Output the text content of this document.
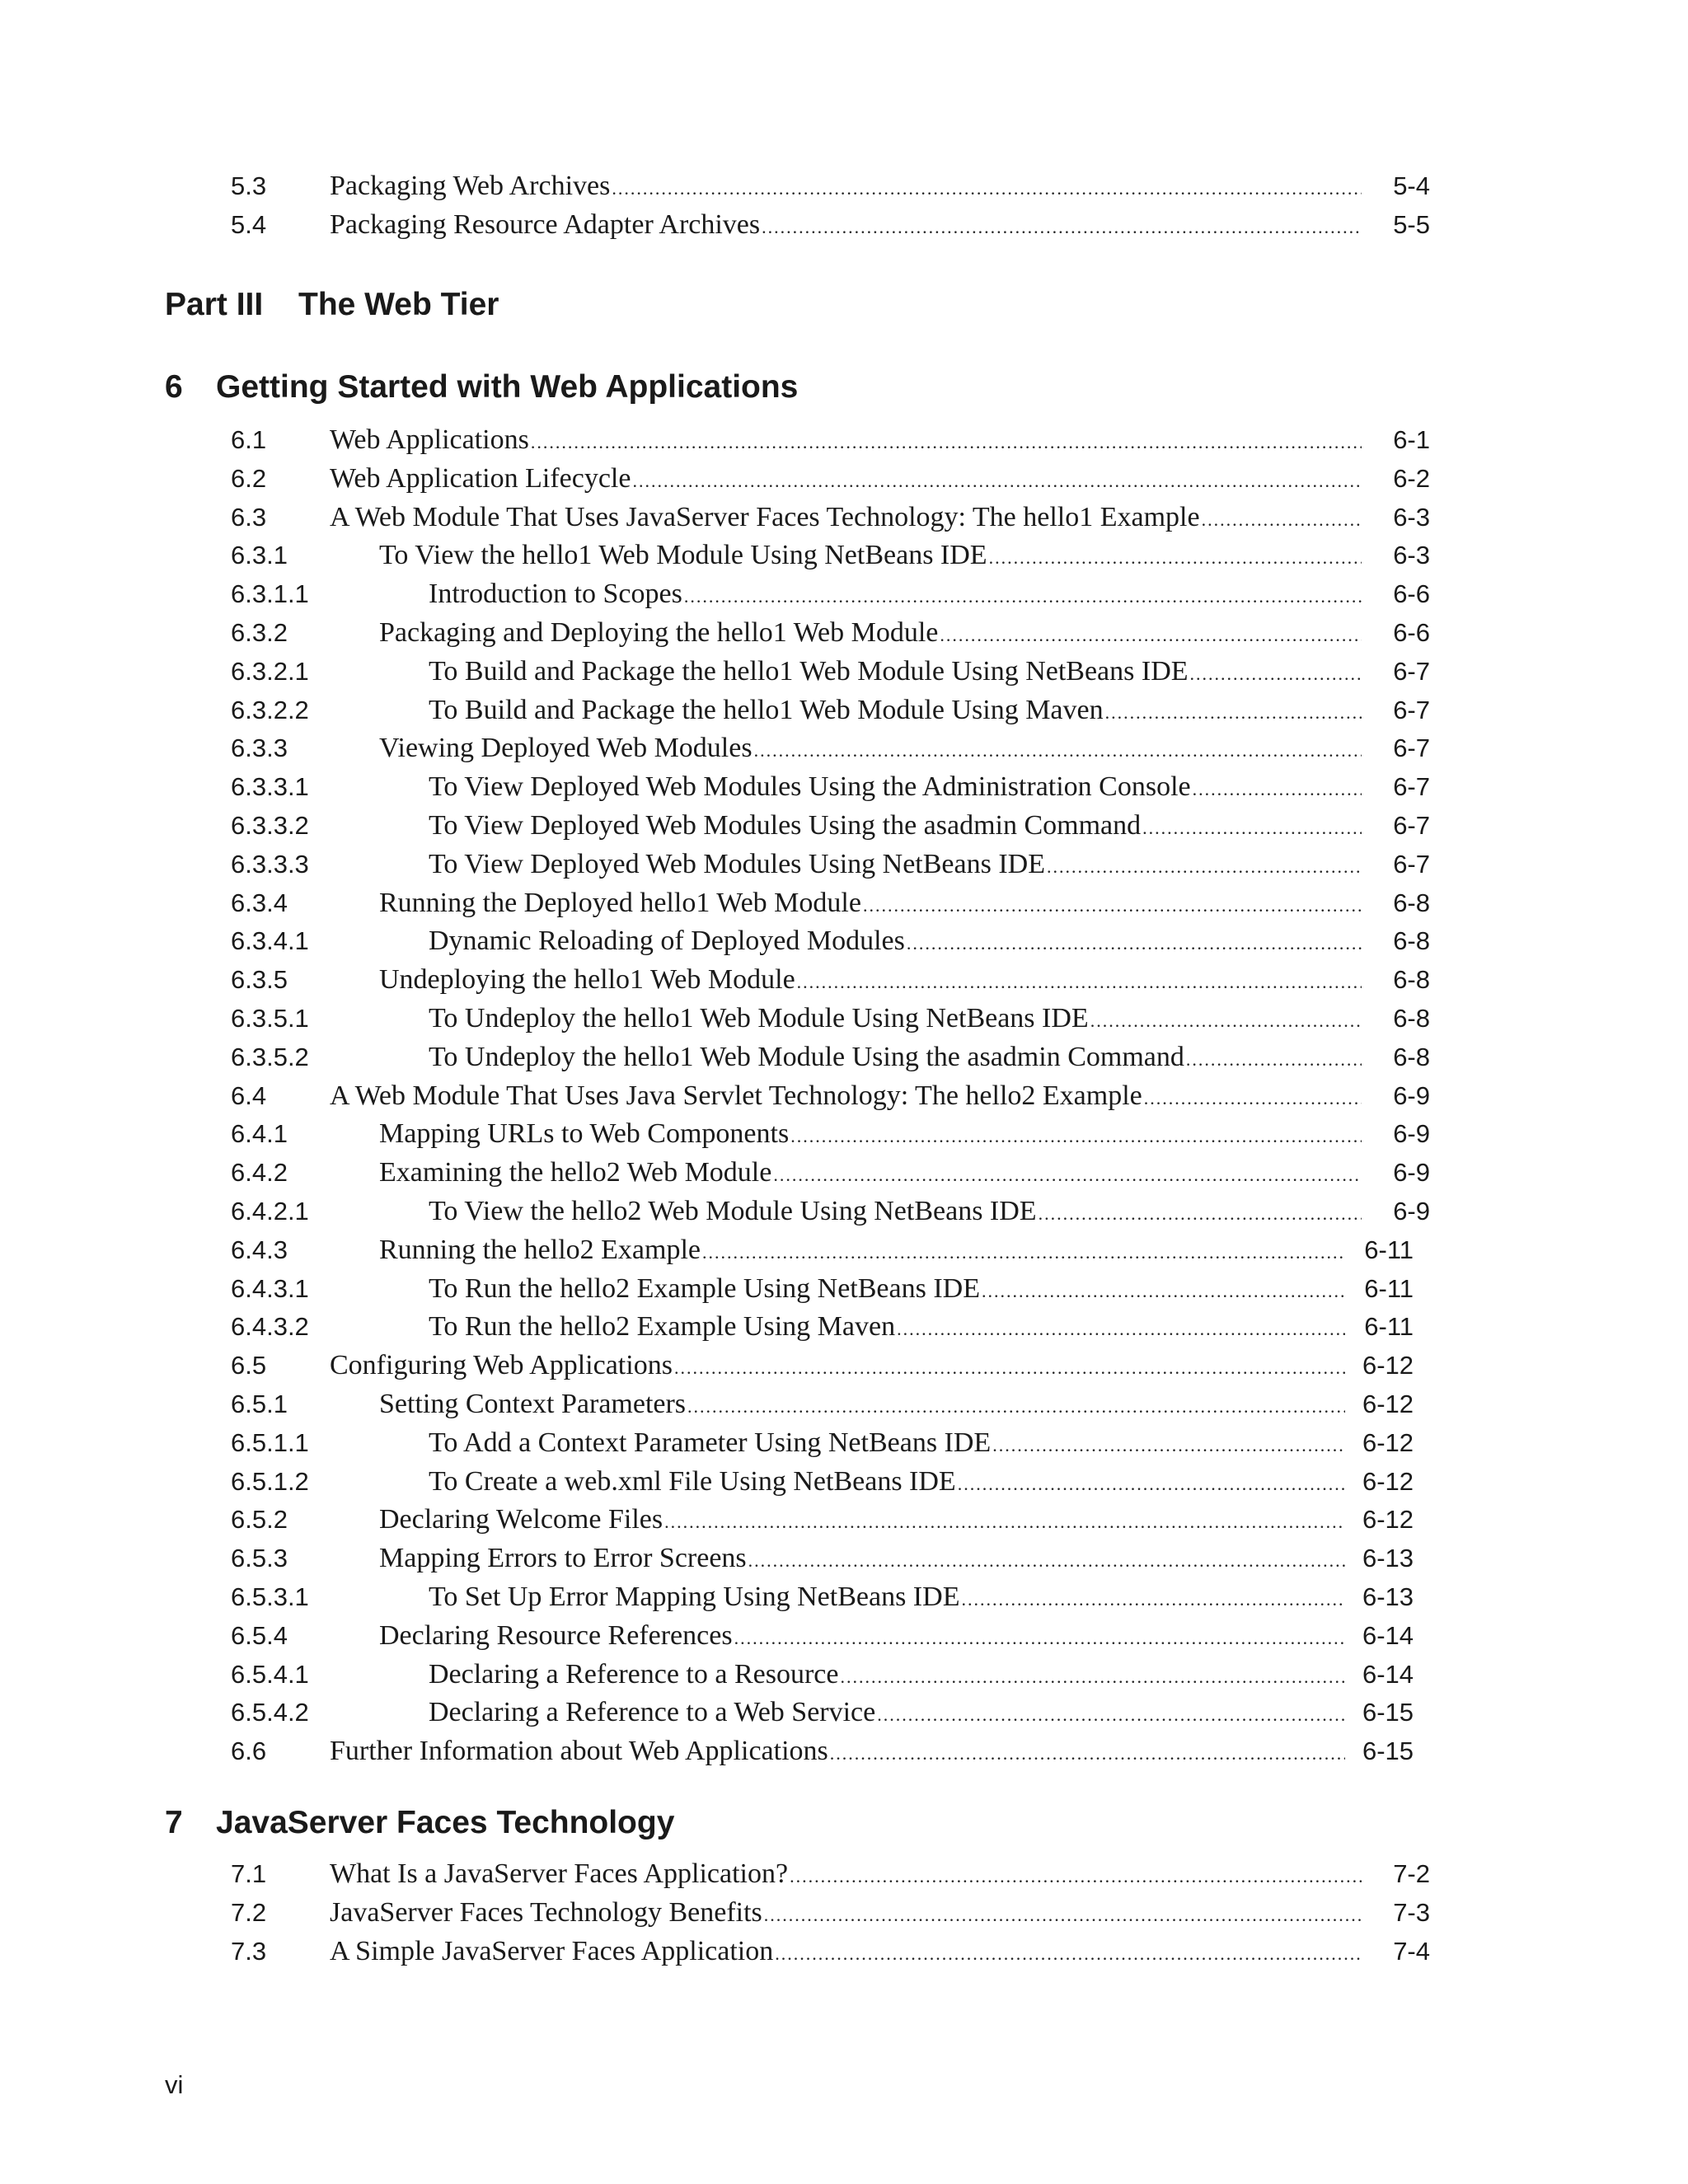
5.3	Packaging Web Archives .....	5-4
5.4	Packaging Resource Adapter Archives .....	5-5
Part III The Web Tier
6 Getting Started with Web Applications
6.1	Web Applications .....	6-1
6.2	Web Application Lifecycle .....	6-2
6.3	A Web Module That Uses JavaServer Faces Technology: The hello1 Example .....	6-3
6.3.1	To View the hello1 Web Module Using NetBeans IDE .....	6-3
6.3.1.1	Introduction to Scopes .....	6-6
6.3.2	Packaging and Deploying the hello1 Web Module .....	6-6
6.3.2.1	To Build and Package the hello1 Web Module Using NetBeans IDE .....	6-7
6.3.2.2	To Build and Package the hello1 Web Module Using Maven .....	6-7
6.3.3	Viewing Deployed Web Modules .....	6-7
6.3.3.1	To View Deployed Web Modules Using the Administration Console .....	6-7
6.3.3.2	To View Deployed Web Modules Using the asadmin Command .....	6-7
6.3.3.3	To View Deployed Web Modules Using NetBeans IDE .....	6-7
6.3.4	Running the Deployed hello1 Web Module .....	6-8
6.3.4.1	Dynamic Reloading of Deployed Modules .....	6-8
6.3.5	Undeploying the hello1 Web Module .....	6-8
6.3.5.1	To Undeploy the hello1 Web Module Using NetBeans IDE .....	6-8
6.3.5.2	To Undeploy the hello1 Web Module Using the asadmin Command .....	6-8
6.4	A Web Module That Uses Java Servlet Technology: The hello2 Example .....	6-9
6.4.1	Mapping URLs to Web Components .....	6-9
6.4.2	Examining the hello2 Web Module .....	6-9
6.4.2.1	To View the hello2 Web Module Using NetBeans IDE .....	6-9
6.4.3	Running the hello2 Example .....	6-11
6.4.3.1	To Run the hello2 Example Using NetBeans IDE .....	6-11
6.4.3.2	To Run the hello2 Example Using Maven .....	6-11
6.5	Configuring Web Applications .....	6-12
6.5.1	Setting Context Parameters .....	6-12
6.5.1.1	To Add a Context Parameter Using NetBeans IDE .....	6-12
6.5.1.2	To Create a web.xml File Using NetBeans IDE .....	6-12
6.5.2	Declaring Welcome Files .....	6-12
6.5.3	Mapping Errors to Error Screens .....	6-13
6.5.3.1	To Set Up Error Mapping Using NetBeans IDE .....	6-13
6.5.4	Declaring Resource References .....	6-14
6.5.4.1	Declaring a Reference to a Resource .....	6-14
6.5.4.2	Declaring a Reference to a Web Service .....	6-15
6.6	Further Information about Web Applications .....	6-15
7 JavaServer Faces Technology
7.1	What Is a JavaServer Faces Application? .....	7-2
7.2	JavaServer Faces Technology Benefits .....	7-3
7.3	A Simple JavaServer Faces Application .....	7-4
vi
